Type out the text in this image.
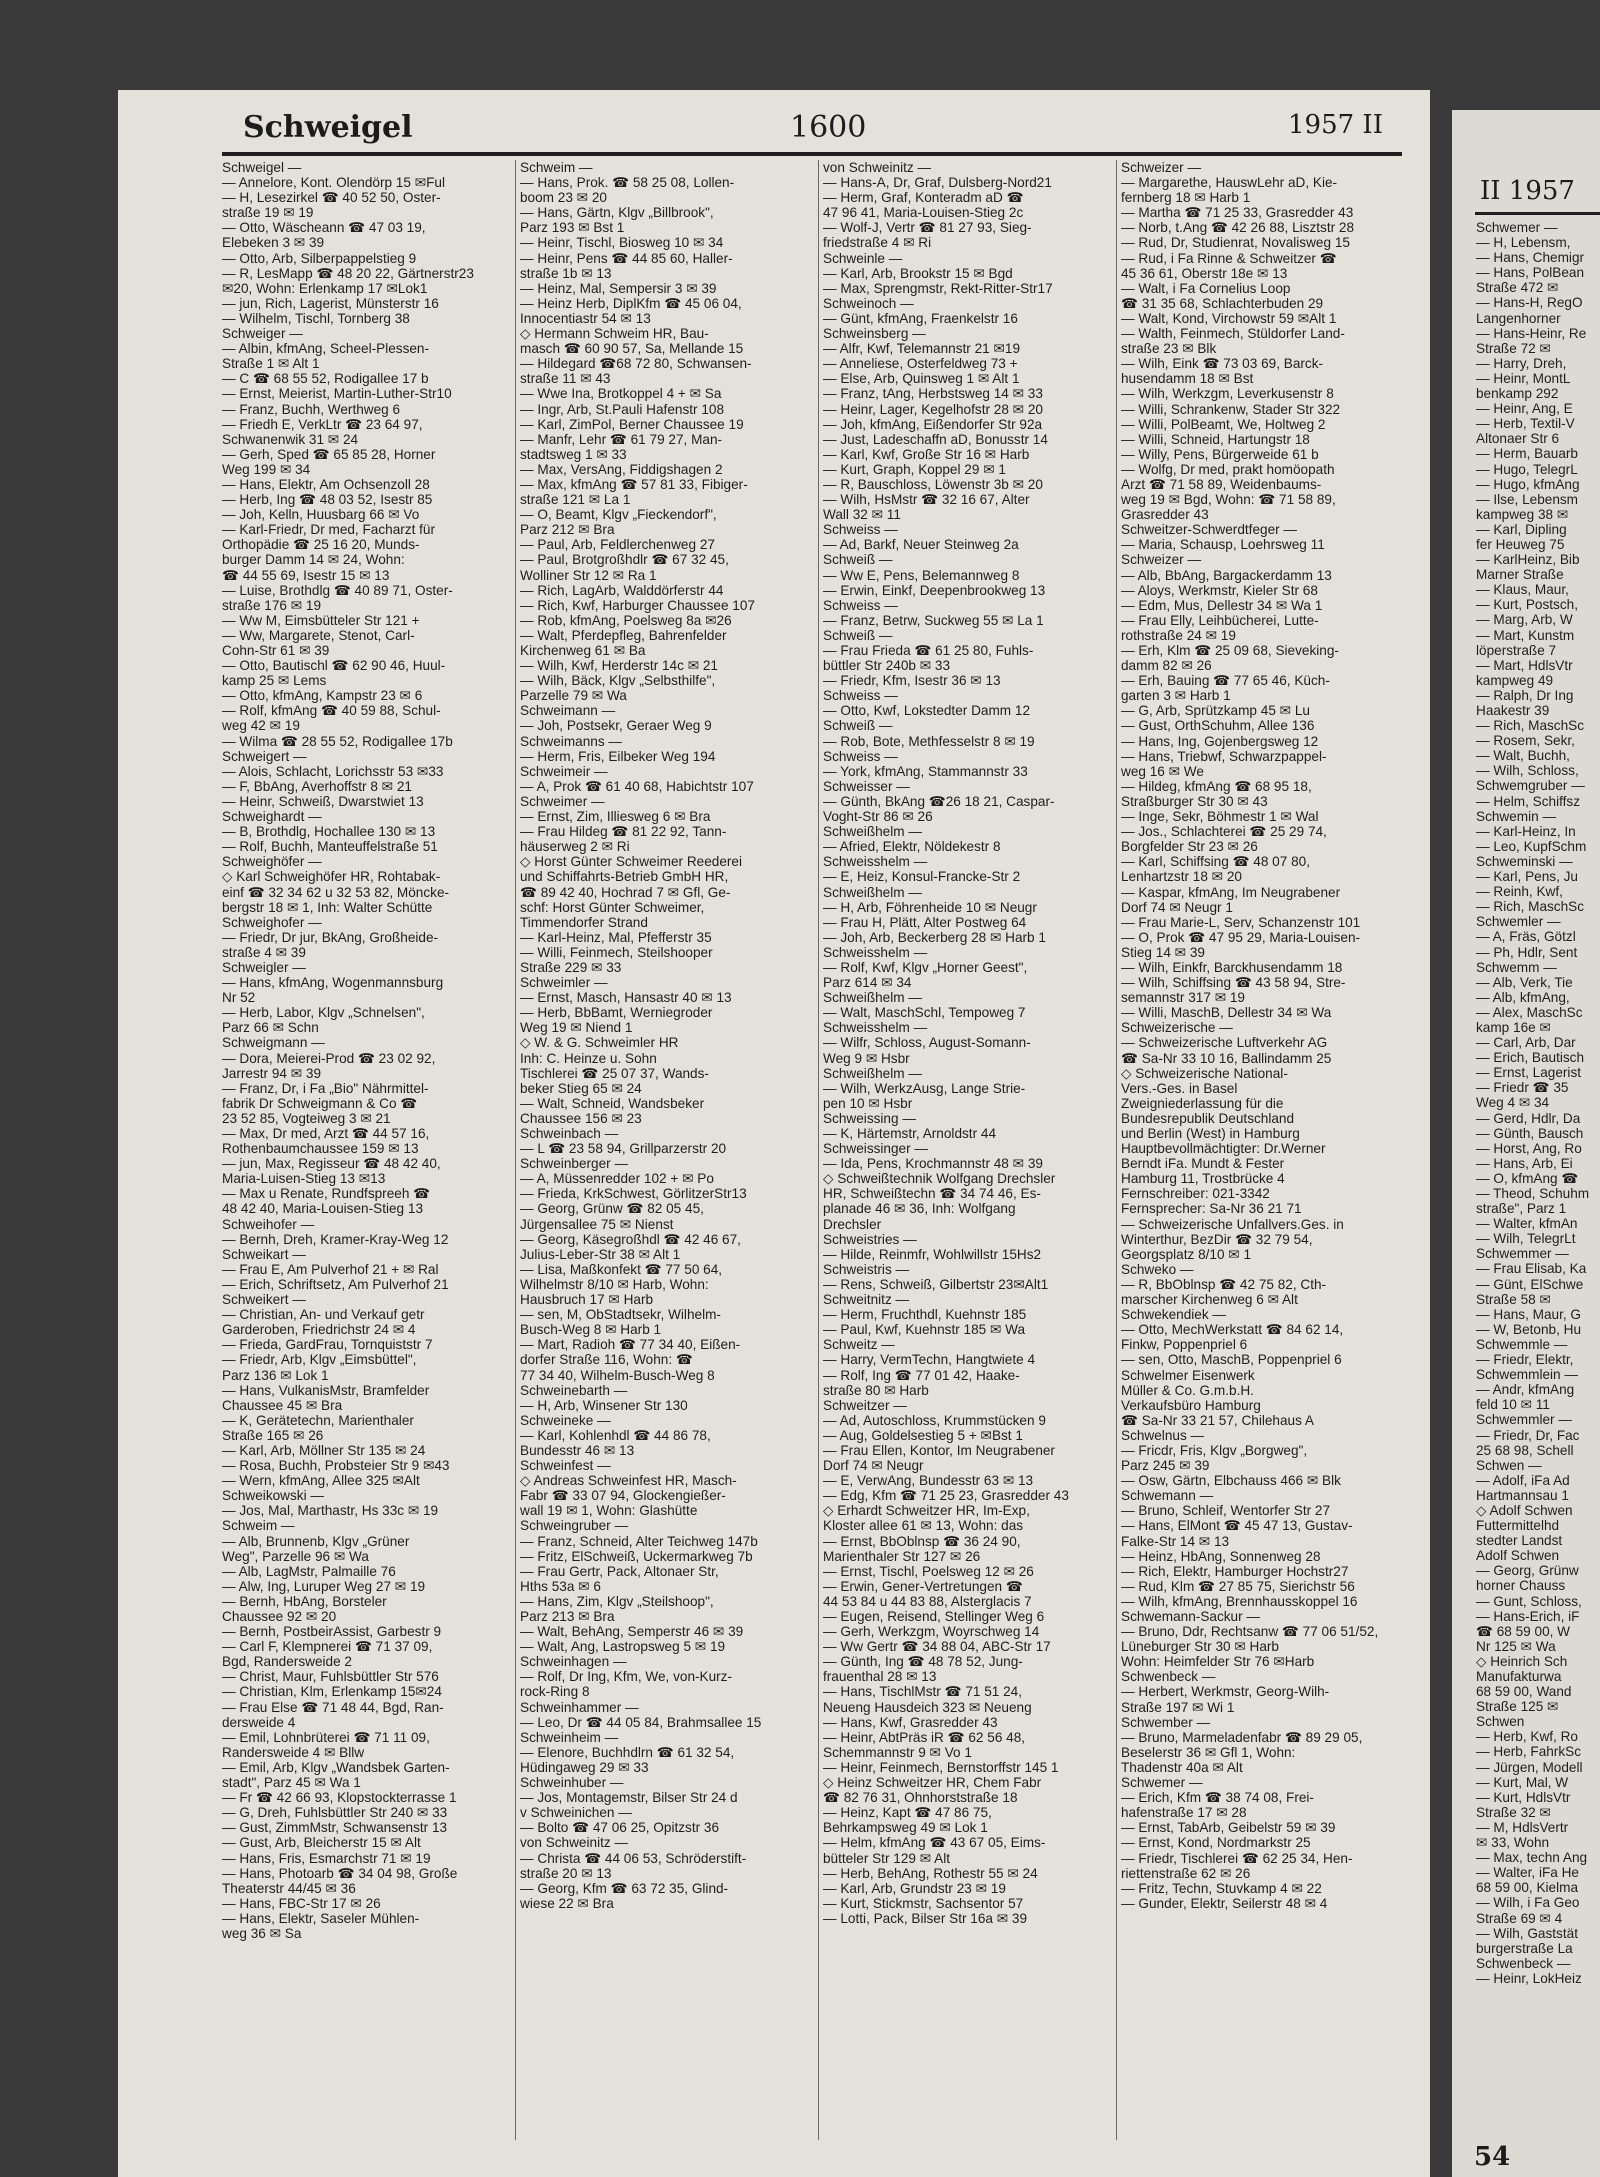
Schweigel	1600	1957 II
Schweigel —
— Annelore, Kont. Olendörp 15 ✉Ful
— H, Lesezirkel ☎ 40 52 50, Oster-
straße 19 ✉ 19
— Otto, Wäscheann ☎ 47 03 19,
Elebeken 3 ✉ 39
— Otto, Arb, Silberpappelstieg 9
— R, LesMapp ☎ 48 20 22, Gärtnerstr23
✉20, Wohn: Erlenkamp 17 ✉Lok1
— jun, Rich, Lagerist, Münsterstr 16
— Wilhelm, Tischl, Tornberg 38
Schweiger —
— Albin, kfmAng, Scheel-Plessen-
Straße 1 ✉ Alt 1
— C ☎ 68 55 52, Rodigallee 17 b
— Ernst, Meierist, Martin-Luther-Str10
— Franz, Buchh, Werthweg 6
— Friedh E, VerkLtr ☎ 23 64 97,
Schwanenwik 31 ✉ 24
— Gerh, Sped ☎ 65 85 28, Horner
Weg 199 ✉ 34
— Hans, Elektr, Am Ochsenzoll 28
— Herb, Ing ☎ 48 03 52, Isestr 85
— Joh, Kelln, Huusbarg 66 ✉ Vo
— Karl-Friedr, Dr med, Facharzt für
Orthopädie ☎ 25 16 20, Munds-
burger Damm 14 ✉ 24, Wohn:
☎ 44 55 69, Isestr 15 ✉ 13
— Luise, Brothdlg ☎ 40 89 71, Oster-
straße 176 ✉ 19
— Ww M, Eimsbütteler Str 121 +
— Ww, Margarete, Stenot, Carl-
Cohn-Str 61 ✉ 39
— Otto, Bautischl ☎ 62 90 46, Huul-
kamp 25 ✉ Lems
— Otto, kfmAng, Kampstr 23 ✉ 6
— Rolf, kfmAng ☎ 40 59 88, Schul-
weg 42 ✉ 19
— Wilma ☎ 28 55 52, Rodigallee 17b
Schweigert —
— Alois, Schlacht, Lorichsstr 53 ✉33
— F, BbAng, Averhoffstr 8 ✉ 21
— Heinr, Schweiß, Dwarstwiet 13
Schweighardt —
— B, Brothdlg, Hochallee 130 ✉ 13
— Rolf, Buchh, Manteuffelstraße 51
Schweighöfer —
◇ Karl Schweighöfer HR, Rohtabak-
einf ☎ 32 34 62 u 32 53 82, Möncke-
bergstr 18 ✉ 1, Inh: Walter Schütte
Schweighofer —
— Friedr, Dr jur, BkAng, Großheide-
straße 4 ✉ 39
Schweigler —
— Hans, kfmAng, Wogenmannsburg
Nr 52
— Herb, Labor, Klgv „Schnelsen",
Parz 66 ✉ Schn
Schweigmann —
— Dora, Meierei-Prod ☎ 23 02 92,
Jarrestr 94 ✉ 39
— Franz, Dr, i Fa „Bio" Nährmittel-
fabrik Dr Schweigmann & Co ☎
23 52 85, Vogteiweg 3 ✉ 21
— Max, Dr med, Arzt ☎ 44 57 16,
Rothenbaumchaussee 159 ✉ 13
— jun, Max, Regisseur ☎ 48 42 40,
Maria-Luisen-Stieg 13 ✉13
— Max u Renate, Rundfspreeh ☎
48 42 40, Maria-Louisen-Stieg 13
Schweihofer —
— Bernh, Dreh, Kramer-Kray-Weg 12
Schweikart —
— Frau E, Am Pulverhof 21 + ✉ Ral
— Erich, Schriftsetz, Am Pulverhof 21
Schweikert —
— Christian, An- und Verkauf getr
Garderoben, Friedrichstr 24 ✉ 4
— Frieda, GardFrau, Tornquiststr 7
— Friedr, Arb, Klgv „Eimsbüttel",
Parz 136 ✉ Lok 1
— Hans, VulkanisMstr, Bramfelder
Chaussee 45 ✉ Bra
— K, Gerätetechn, Marienthaler
Straße 165 ✉ 26
— Karl, Arb, Möllner Str 135 ✉ 24
— Rosa, Buchh, Probsteier Str 9 ✉43
— Wern, kfmAng, Allee 325 ✉Alt
Schweikowski —
— Jos, Mal, Marthastr, Hs 33c ✉ 19
Schweim —
— Alb, Brunnenb, Klgv „Grüner
Weg", Parzelle 96 ✉ Wa
— Alb, LagMstr, Palmaille 76
— Alw, Ing, Luruper Weg 27 ✉ 19
— Bernh, HbAng, Borsteler
Chaussee 92 ✉ 20
— Bernh, PostbeirAssist, Garbestr 9
— Carl F, Klempnerei ☎ 71 37 09,
Bgd, Randersweide 2
— Christ, Maur, Fuhlsbüttler Str 576
— Christian, Klm, Erlenkamp 15✉24
— Frau Else ☎ 71 48 44, Bgd, Ran-
dersweide 4
— Emil, Lohnbrüterei ☎ 71 11 09,
Randersweide 4 ✉ Bllw
— Emil, Arb, Klgv „Wandsbek Garten-
stadt", Parz 45 ✉ Wa 1
— Fr ☎ 42 66 93, Klopstockterrasse 1
— G, Dreh, Fuhlsbüttler Str 240 ✉ 33
— Gust, ZimmMstr, Schwansenstr 13
— Gust, Arb, Bleicherstr 15 ✉ Alt
— Hans, Fris, Esmarchstr 71 ✉ 19
— Hans, Photoarb ☎ 34 04 98, Große
Theaterstr 44/45 ✉ 36
— Hans, FBC-Str 17 ✉ 26
— Hans, Elektr, Saseler Mühlen-
weg 36 ✉ Sa
Schweim —
— Hans, Prok. ☎ 58 25 08, Lollen-
boom 23 ✉ 20
— Hans, Gärtn, Klgv „Billbrook",
Parz 193 ✉ Bst 1
— Heinr, Tischl, Biosweg 10 ✉ 34
— Heinr, Pens ☎ 44 85 60, Haller-
straße 1b ✉ 13
— Heinz, Mal, Sempersir 3 ✉ 39
— Heinz Herb, DiplKfm ☎ 45 06 04,
Innocentiastr 54 ✉ 13
◇ Hermann Schweim HR, Bau-
masch ☎ 60 90 57, Sa, Mellande 15
— Hildegard ☎68 72 80, Schwansen-
straße 11 ✉ 43
— Wwe Ina, Brotkoppel 4 + ✉ Sa
— Ingr, Arb, St.Pauli Hafenstr 108
— Karl, ZimPol, Berner Chaussee 19
— Manfr, Lehr ☎ 61 79 27, Man-
stadtsweg 1 ✉ 33
— Max, VersAng, Fiddigshagen 2
— Max, kfmAng ☎ 57 81 33, Fibiger-
straße 121 ✉ La 1
— O, Beamt, Klgv „Fieckendorf",
Parz 212 ✉ Bra
— Paul, Arb, Feldlerchenweg 27
— Paul, Brotgroßhdlr ☎ 67 32 45,
Wolliner Str 12 ✉ Ra 1
— Rich, LagArb, Walddörferstr 44
— Rich, Kwf, Harburger Chaussee 107
— Rob, kfmAng, Poelsweg 8a ✉26
— Walt, Pferdepfleg, Bahrenfelder
Kirchenweg 61 ✉ Ba
— Wilh, Kwf, Herderstr 14c ✉ 21
— Wilh, Bäck, Klgv „Selbsthilfe",
Parzelle 79 ✉ Wa
Schweimann —
— Joh, Postsekr, Geraer Weg 9
Schweimanns —
— Herm, Fris, Eilbeker Weg 194
Schweimeir —
— A, Prok ☎ 61 40 68, Habichtstr 107
Schweimer —
— Ernst, Zim, Illiesweg 6 ✉ Bra
— Frau Hildeg ☎ 81 22 92, Tann-
häuserweg 2 ✉ Ri
◇ Horst Günter Schweimer Reederei
und Schiffahrts-Betrieb GmbH HR,
☎ 89 42 40, Hochrad 7 ✉ Gfl, Ge-
schf: Horst Günter Schweimer,
Timmendorfer Strand
— Karl-Heinz, Mal, Pfefferstr 35
— Willi, Feinmech, Steilshooper
Straße 229 ✉ 33
Schweimler —
— Ernst, Masch, Hansastr 40 ✉ 13
— Herb, BbBamt, Werniegroder
Weg 19 ✉ Niend 1
◇ W. & G. Schweimler HR
Inh: C. Heinze u. Sohn
Tischlerei ☎ 25 07 37, Wands-
beker Stieg 65 ✉ 24
— Walt, Schneid, Wandsbeker
Chaussee 156 ✉ 23
Schweinbach —
— L ☎ 23 58 94, Grillparzerstr 20
Schweinberger —
— A, Müssenredder 102 + ✉ Po
— Frieda, KrkSchwest, GörlitzerStr13
— Georg, Grünw ☎ 82 05 45,
Jürgensallee 75 ✉ Nienst
— Georg, Käsegroßhdl ☎ 42 46 67,
Julius-Leber-Str 38 ✉ Alt 1
— Lisa, Maßkonfekt ☎ 77 50 64,
Wilhelmstr 8/10 ✉ Harb, Wohn:
Hausbruch 17 ✉ Harb
— sen, M, ObStadtsekr, Wilhelm-
Busch-Weg 8 ✉ Harb 1
— Mart, Radioh ☎ 77 34 40, Eißen-
dorfer Straße 116, Wohn: ☎
77 34 40, Wilhelm-Busch-Weg 8
Schweinebarth —
— H, Arb, Winsener Str 130
Schweineke —
— Karl, Kohlenhdl ☎ 44 86 78,
Bundesstr 46 ✉ 13
Schweinfest —
◇ Andreas Schweinfest HR, Masch-
Fabr ☎ 33 07 94, Glockengießer-
wall 19 ✉ 1, Wohn: Glashütte
Schweingruber —
— Franz, Schneid, Alter Teichweg 147b
— Fritz, ElSchweiß, Uckermarkweg 7b
— Frau Gertr, Pack, Altonaer Str,
Hths 53a ✉ 6
— Hans, Zim, Klgv „Steilshoop",
Parz 213 ✉ Bra
— Walt, BehAng, Semperstr 46 ✉ 39
— Walt, Ang, Lastropsweg 5 ✉ 19
Schweinhagen —
— Rolf, Dr Ing, Kfm, We, von-Kurz-
rock-Ring 8
Schweinhammer —
— Leo, Dr ☎ 44 05 84, Brahmsallee 15
Schweinheim —
— Elenore, Buchhdlrn ☎ 61 32 54,
Hüdingaweg 29 ✉ 33
Schweinhuber —
— Jos, Montagemstr, Bilser Str 24 d
v Schweinichen —
— Bolto ☎ 47 06 25, Opitzstr 36
von Schweinitz —
— Christa ☎ 44 06 53, Schröderstift-
straße 20 ✉ 13
— Georg, Kfm ☎ 63 72 35, Glind-
wiese 22 ✉ Bra
von Schweinitz —
— Hans-A, Dr, Graf, Dulsberg-Nord21
— Herm, Graf, Konteradm aD ☎
47 96 41, Maria-Louisen-Stieg 2c
— Wolf-J, Vertr ☎ 81 27 93, Sieg-
friedstraße 4 ✉ Ri
Schweinle —
— Karl, Arb, Brookstr 15 ✉ Bgd
— Max, Sprengmstr, Rekt-Ritter-Str17
Schweinoch —
— Günt, kfmAng, Fraenkelstr 16
Schweinsberg —
— Alfr, Kwf, Telemannstr 21 ✉19
— Anneliese, Osterfeldweg 73 +
— Else, Arb, Quinsweg 1 ✉ Alt 1
— Franz, tAng, Herbstsweg 14 ✉ 33
— Heinr, Lager, Kegelhofstr 28 ✉ 20
— Joh, kfmAng, Eißendorfer Str 92a
— Just, Ladeschaffn aD, Bonusstr 14
— Karl, Kwf, Große Str 16 ✉ Harb
— Kurt, Graph, Koppel 29 ✉ 1
— R, Bauschloss, Löwenstr 3b ✉ 20
— Wilh, HsMstr ☎ 32 16 67, Alter
Wall 32 ✉ 11
Schweiss —
— Ad, Barkf, Neuer Steinweg 2a
Schweiß —
— Ww E, Pens, Belemannweg 8
— Erwin, Einkf, Deepenbrookweg 13
Schweiss —
— Franz, Betrw, Suckweg 55 ✉ La 1
Schweiß —
— Frau Frieda ☎ 61 25 80, Fuhls-
büttler Str 240b ✉ 33
— Friedr, Kfm, Isestr 36 ✉ 13
Schweiss —
— Otto, Kwf, Lokstedter Damm 12
Schweiß —
— Rob, Bote, Methfesselstr 8 ✉ 19
Schweiss —
— York, kfmAng, Stammannstr 33
Schweisser —
— Günth, BkAng ☎26 18 21, Caspar-
Voght-Str 86 ✉ 26
Schweißhelm —
— Afried, Elektr, Nöldekestr 8
Schweisshelm —
— E, Heiz, Konsul-Francke-Str 2
Schweißhelm —
— H, Arb, Föhrenheide 10 ✉ Neugr
— Frau H, Plätt, Alter Postweg 64
— Joh, Arb, Beckerberg 28 ✉ Harb 1
Schweisshelm —
— Rolf, Kwf, Klgv „Horner Geest",
Parz 614 ✉ 34
Schweißhelm —
— Walt, MaschSchl, Tempoweg 7
Schweisshelm —
— Wilfr, Schloss, August-Somann-
Weg 9 ✉ Hsbr
Schweißhelm —
— Wilh, WerkzAusg, Lange Strie-
pen 10 ✉ Hsbr
Schweissing —
— K, Härtemstr, Arnoldstr 44
Schweissinger —
— Ida, Pens, Krochmannstr 48 ✉ 39
◇ Schweißtechnik Wolfgang Drechsler
HR, Schweißtechn ☎ 34 74 46, Es-
planade 46 ✉ 36, Inh: Wolfgang
Drechsler
Schweistries —
— Hilde, Reinmfr, Wohlwillstr 15Hs2
Schweistris —
— Rens, Schweiß, Gilbertstr 23✉Alt1
Schweitnitz —
— Herm, Fruchthdl, Kuehnstr 185
— Paul, Kwf, Kuehnstr 185 ✉ Wa
Schweitz —
— Harry, VermTechn, Hangtwiete 4
— Rolf, Ing ☎ 77 01 42, Haake-
straße 80 ✉ Harb
Schweitzer —
— Ad, Autoschloss, Krummstücken 9
— Aug, Goldelsestieg 5 + ✉Bst 1
— Frau Ellen, Kontor, Im Neugrabener
Dorf 74 ✉ Neugr
— E, VerwAng, Bundesstr 63 ✉ 13
— Edg, Kfm ☎ 71 25 23, Grasredder 43
◇ Erhardt Schweitzer HR, Im-Exp,
Kloster allee 61 ✉ 13, Wohn: das
— Ernst, BbOblnsp ☎ 36 24 90,
Marienthaler Str 127 ✉ 26
— Ernst, Tischl, Poelsweg 12 ✉ 26
— Erwin, Gener-Vertretungen ☎
44 53 84 u 44 83 88, Alsterglacis 7
— Eugen, Reisend, Stellinger Weg 6
— Gerh, Werkzgm, Woyrschweg 14
— Ww Gertr ☎ 34 88 04, ABC-Str 17
— Günth, Ing ☎ 48 78 52, Jung-
frauenthal 28 ✉ 13
— Hans, TischlMstr ☎ 71 51 24,
Neueng Hausdeich 323 ✉ Neueng
— Hans, Kwf, Grasredder 43
— Heinr, AbtPräs iR ☎ 62 56 48,
Schemmannstr 9 ✉ Vo 1
— Heinr, Feinmech, Bernstorffstr 145 1
◇ Heinz Schweitzer HR, Chem Fabr
☎ 82 76 31, Ohnhorststraße 18
— Heinz, Kapt ☎ 47 86 75,
Behrkampsweg 49 ✉ Lok 1
— Helm, kfmAng ☎ 43 67 05, Eims-
bütteler Str 129 ✉ Alt
— Herb, BehAng, Rothestr 55 ✉ 24
— Karl, Arb, Grundstr 23 ✉ 19
— Kurt, Stickmstr, Sachsentor 57
— Lotti, Pack, Bilser Str 16a ✉ 39
Schweizer —
— Margarethe, HauswLehr aD, Kie-
fernberg 18 ✉ Harb 1
— Martha ☎ 71 25 33, Grasredder 43
— Norb, t.Ang ☎ 42 26 88, Lisztstr 28
— Rud, Dr, Studienrat, Novalisweg 15
— Rud, i Fa Rinne & Schweitzer ☎
45 36 61, Oberstr 18e ✉ 13
— Walt, i Fa Cornelius Loop
☎ 31 35 68, Schlachterbuden 29
— Walt, Kond, Virchowstr 59 ✉Alt 1
— Walth, Feinmech, Stüldorfer Land-
straße 23 ✉ Blk
— Wilh, Eink ☎ 73 03 69, Barck-
husendamm 18 ✉ Bst
— Wilh, Werkzgm, Leverkusenstr 8
— Willi, Schrankenw, Stader Str 322
— Willi, PolBeamt, We, Holtweg 2
— Willi, Schneid, Hartungstr 18
— Willy, Pens, Bürgerweide 61 b
— Wolfg, Dr med, prakt homöopath
Arzt ☎ 71 58 89, Weidenbaums-
weg 19 ✉ Bgd, Wohn: ☎ 71 58 89,
Grasredder 43
Schweitzer-Schwerdtfeger —
— Maria, Schausp, Loehrsweg 11
Schweizer —
— Alb, BbAng, Bargackerdamm 13
— Aloys, Werkmstr, Kieler Str 68
— Edm, Mus, Dellestr 34 ✉ Wa 1
— Frau Elly, Leihbücherei, Lutte-
rothstraße 24 ✉ 19
— Erh, Klm ☎ 25 09 68, Sieveking-
damm 82 ✉ 26
— Erh, Bauing ☎ 77 65 46, Küch-
garten 3 ✉ Harb 1
— G, Arb, Sprützkamp 45 ✉ Lu
— Gust, OrthSchuhm, Allee 136
— Hans, Ing, Gojenbergsweg 12
— Hans, Triebwf, Schwarzpappel-
weg 16 ✉ We
— Hildeg, kfmAng ☎ 68 95 18,
Straßburger Str 30 ✉ 43
— Inge, Sekr, Böhmestr 1 ✉ Wal
— Jos., Schlachterei ☎ 25 29 74,
Borgfelder Str 23 ✉ 26
— Karl, Schiffsing ☎ 48 07 80,
Lenhartzstr 18 ✉ 20
— Kaspar, kfmAng, Im Neugrabener
Dorf 74 ✉ Neugr 1
— Frau Marie-L, Serv, Schanzenstr 101
— O, Prok ☎ 47 95 29, Maria-Louisen-
Stieg 14 ✉ 39
— Wilh, Einkfr, Barckhusendamm 18
— Wilh, Schiffsing ☎ 43 58 94, Stre-
semannstr 317 ✉ 19
— Willi, MaschB, Dellestr 34 ✉ Wa
Schweizerische —
— Schweizerische Luftverkehr AG
☎ Sa-Nr 33 10 16, Ballindamm 25
◇ Schweizerische National-
Vers.-Ges. in Basel
Zweigniederlassung für die
Bundesrepublik Deutschland
und Berlin (West) in Hamburg
Hauptbevollmächtigter: Dr.Werner
Berndt iFa. Mundt & Fester
Hamburg 11, Trostbrücke 4
Fernschreiber: 021-3342
Fernsprecher: Sa-Nr 36 21 71
— Schweizerische Unfallvers.Ges. in
Winterthur, BezDir ☎ 32 79 54,
Georgsplatz 8/10 ✉ 1
Schweko —
— R, BbOblnsp ☎ 42 75 82, Cth-
marscher Kirchenweg 6 ✉ Alt
Schwekendiek —
— Otto, MechWerkstatt ☎ 84 62 14,
Finkw, Poppenpriel 6
— sen, Otto, MaschB, Poppenpriel 6
Schwelmer Eisenwerk
Müller & Co. G.m.b.H.
Verkaufsbüro Hamburg
☎ Sa-Nr 33 21 57, Chilehaus A
Schwelnus —
— Fricdr, Fris, Klgv „Borgweg",
Parz 245 ✉ 39
— Osw, Gärtn, Elbchauss 466 ✉ Blk
Schwemann —
— Bruno, Schleif, Wentorfer Str 27
— Hans, ElMont ☎ 45 47 13, Gustav-
Falke-Str 14 ✉ 13
— Heinz, HbAng, Sonnenweg 28
— Rich, Elektr, Hamburger Hochstr27
— Rud, Klm ☎ 27 85 75, Sierichstr 56
— Wilh, kfmAng, Brennhausskoppel 16
Schwemann-Sackur —
— Bruno, Ddr, Rechtsanw ☎ 77 06 51/52,
Lüneburger Str 30 ✉ Harb
Wohn: Heimfelder Str 76 ✉Harb
Schwenbeck —
— Herbert, Werkmstr, Georg-Wilh-
Straße 197 ✉ Wi 1
Schwember —
— Bruno, Marmeladenfabr ☎ 89 29 05,
Beselerstr 36 ✉ Gfl 1, Wohn:
Thadenstr 40a ✉ Alt
Schwemer —
— Erich, Kfm ☎ 38 74 08, Frei-
hafenstraße 17 ✉ 28
— Ernst, TabArb, Geibelstr 59 ✉ 39
— Ernst, Kond, Nordmarkstr 25
— Friedr, Tischlerei ☎ 62 25 34, Hen-
riettenstraße 62 ✉ 26
— Fritz, Techn, Stuvkamp 4 ✉ 22
— Gunder, Elektr, Seilerstr 48 ✉ 4
II 1957
Schwemer —
— H, Lebensm,
— Hans, Chemigr
— Hans, PolBean
Straße 472 ✉
— Hans-H, RegO
Langenhorner
— Hans-Heinr, Re
Straße 72 ✉
— Harry, Dreh,
— Heinr, MontL
benkamp 292
— Heinr, Ang, E
— Herb, Textil-V
Altonaer Str 6
— Herm, Bauarb
— Hugo, TelegrL
— Hugo, kfmAng
— Ilse, Lebensm
kampweg 38 ✉
— Karl, Dipling
fer Heuweg 75
— KarlHeinz, Bib
Marner Straße
— Klaus, Maur,
— Kurt, Postsch,
— Marg, Arb, W
— Mart, Kunstm
löperstraße 7
— Mart, HdlsVtr
kampweg 49
— Ralph, Dr Ing
Haakestr 39
— Rich, MaschSc
— Rosem, Sekr,
— Walt, Buchh,
— Wilh, Schloss,
Schwemgruber —
— Helm, Schiffsz
Schwemin —
— Karl-Heinz, In
— Leo, KupfSchm
Schweminski —
— Karl, Pens, Ju
— Reinh, Kwf,
— Rich, MaschSc
Schwemler —
— A, Fräs, Götzl
— Ph, Hdlr, Sent
Schwemm —
— Alb, Verk, Tie
— Alb, kfmAng,
— Alex, MaschSc
kamp 16e ✉
— Carl, Arb, Dar
— Erich, Bautisch
— Ernst, Lagerist
— Friedr ☎ 35
Weg 4 ✉ 34
— Gerd, Hdlr, Da
— Günth, Bausch
— Horst, Ang, Ro
— Hans, Arb, Ei
— O, kfmAng ☎
— Theod, Schuhm
straße", Parz 1
— Walter, kfmAn
— Wilh, TelegrLt
Schwemmer —
— Frau Elisab, Ka
— Günt, ElSchwe
Straße 58 ✉
— Hans, Maur, G
— W, Betonb, Hu
Schwemmle —
— Friedr, Elektr,
Schwemmlein —
— Andr, kfmAng
feld 10 ✉ 11
Schwemmler —
— Friedr, Dr, Fac
25 68 98, Schell
Schwen —
— Adolf, iFa Ad
Hartmannsau 1
◇ Adolf Schwen
Futtermittelhd
stedter Landst
Adolf Schwen
— Georg, Grünw
horner Chauss
— Gunt, Schloss,
— Hans-Erich, iF
☎ 68 59 00, W
Nr 125 ✉ Wa
◇ Heinrich Sch
Manufakturwa
68 59 00, Wand
Straße 125 ✉
Schwen
— Herb, Kwf, Ro
— Herb, FahrkSc
— Jürgen, Modell
— Kurt, Mal, W
— Kurt, HdlsVtr
Straße 32 ✉
— M, HdlsVertr
✉ 33, Wohn
— Max, techn Ang
— Walter, iFa He
68 59 00, Kielma
— Wilh, i Fa Geo
Straße 69 ✉ 4
— Wilh, Gaststät
burgerstraße La
Schwenbeck —
— Heinr, LokHeiz
54
